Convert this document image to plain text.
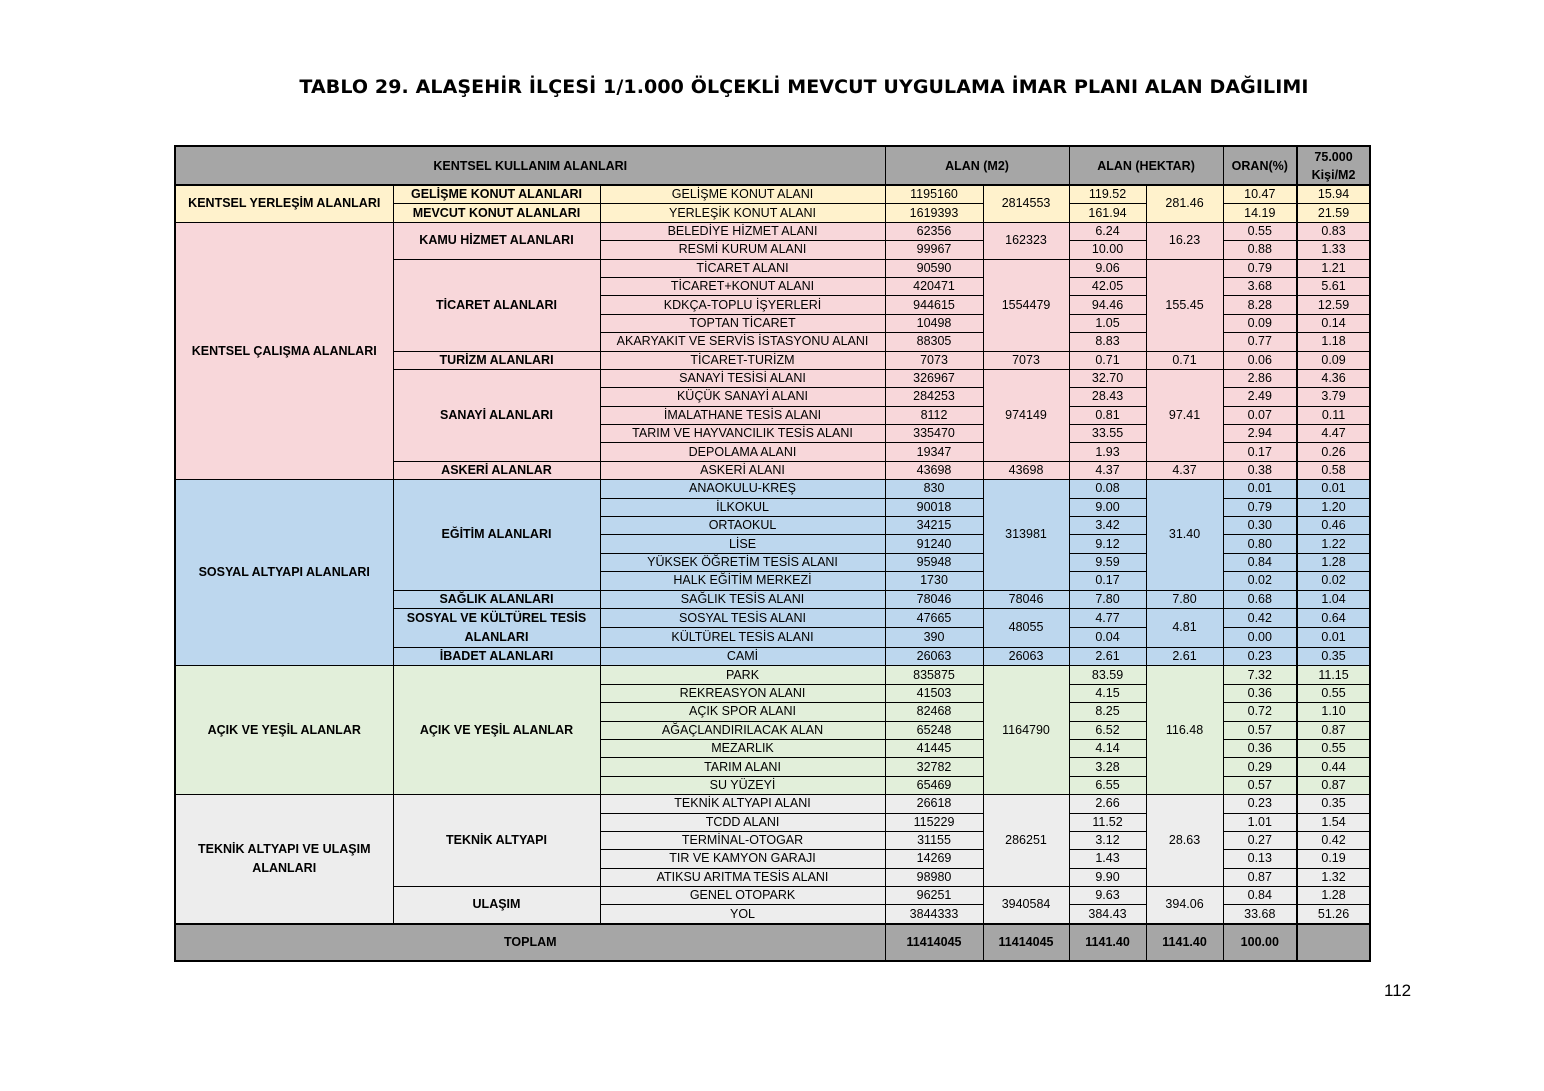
TABLO 29. ALAŞEHİR İLÇESİ 1/1.000 ÖLÇEKLİ MEVCUT UYGULAMA İMAR PLANI ALAN DAĞILIMI
KENTSEL KULLANIM ALANLARI			ALAN (M2)		ALAN (HEKTAR)		ORAN(%)	75.000
Kişi/M2
KENTSEL YERLEŞİM ALANLARI	GELİŞME KONUT ALANLARI	GELİŞME KONUT ALANI	1195160	2814553	119.52	281.46	10.47	15.94
	MEVCUT KONUT ALANLARI	YERLEŞİK KONUT ALANI	1619393		161.94		14.19	21.59
KENTSEL ÇALIŞMA ALANLARI	KAMU HİZMET ALANLARI	BELEDİYE HİZMET ALANI	62356	162323	6.24	16.23	0.55	0.83
		RESMİ KURUM ALANI	99967		10.00		0.88	1.33
	TİCARET ALANLARI	TİCARET ALANI	90590	1554479	9.06	155.45	0.79	1.21
		TİCARET+KONUT ALANI	420471		42.05		3.68	5.61
		KDKÇA-TOPLU İŞYERLERİ	944615		94.46		8.28	12.59
		TOPTAN TİCARET	10498		1.05		0.09	0.14
		AKARYAKIT VE SERVİS İSTASYONU ALANI	88305		8.83		0.77	1.18
	TURİZM ALANLARI	TİCARET-TURİZM	7073	7073	0.71	0.71	0.06	0.09
	SANAYİ ALANLARI	SANAYİ TESİSİ ALANI	326967	974149	32.70	97.41	2.86	4.36
		KÜÇÜK SANAYİ ALANI	284253		28.43		2.49	3.79
		İMALATHANE TESİS ALANI	8112		0.81		0.07	0.11
		TARIM VE HAYVANCILIK TESİS ALANI	335470		33.55		2.94	4.47
		DEPOLAMA ALANI	19347		1.93		0.17	0.26
	ASKERİ ALANLAR	ASKERİ ALANI	43698	43698	4.37	4.37	0.38	0.58
SOSYAL ALTYAPI ALANLARI	EĞİTİM ALANLARI	ANAOKULU-KREŞ	830	313981	0.08	31.40	0.01	0.01
		İLKOKUL	90018		9.00		0.79	1.20
		ORTAOKUL	34215		3.42		0.30	0.46
		LİSE	91240		9.12		0.80	1.22
		YÜKSEK ÖĞRETİM TESİS ALANI	95948		9.59		0.84	1.28
		HALK EĞİTİM MERKEZİ	1730		0.17		0.02	0.02
	SAĞLIK ALANLARI	SAĞLIK TESİS ALANI	78046	78046	7.80	7.80	0.68	1.04
	SOSYAL VE KÜLTÜREL TESİS ALANLARI	SOSYAL TESİS ALANI	47665	48055	4.77	4.81	0.42	0.64
		KÜLTÜREL TESİS ALANI	390		0.04		0.00	0.01
	İBADET ALANLARI	CAMİ	26063	26063	2.61	2.61	0.23	0.35
AÇIK VE YEŞİL ALANLAR	AÇIK VE YEŞİL ALANLAR	PARK	835875	1164790	83.59	116.48	7.32	11.15
		REKREASYON ALANI	41503		4.15		0.36	0.55
		AÇIK SPOR ALANI	82468		8.25		0.72	1.10
		AĞAÇLANDIRILACAK ALAN	65248		6.52		0.57	0.87
		MEZARLIK	41445		4.14		0.36	0.55
		TARIM ALANI	32782		3.28		0.29	0.44
		SU YÜZEYİ	65469		6.55		0.57	0.87
TEKNİK ALTYAPI VE ULAŞIM ALANLARI	TEKNİK ALTYAPI	TEKNİK ALTYAPI ALANI	26618	286251	2.66	28.63	0.23	0.35
		TCDD ALANI	115229		11.52		1.01	1.54
		TERMİNAL-OTOGAR	31155		3.12		0.27	0.42
		TIR VE KAMYON GARAJI	14269		1.43		0.13	0.19
		ATIKSU ARITMA TESİS ALANI	98980		9.90		0.87	1.32
	ULAŞIM	GENEL OTOPARK	96251	3940584	9.63	394.06	0.84	1.28
		YOL	3844333		384.43		33.68	51.26
TOPLAM			11414045	11414045	1141.40	1141.40	100.00	
112
